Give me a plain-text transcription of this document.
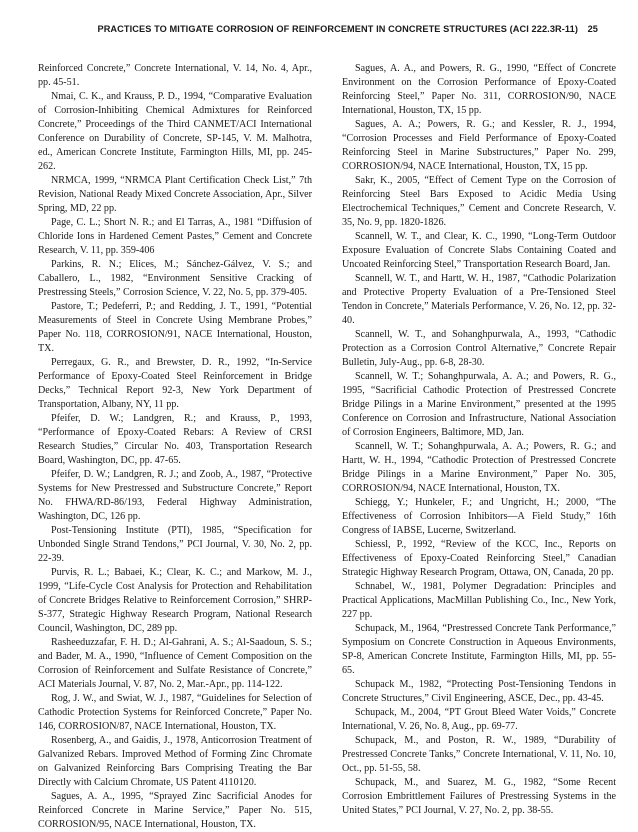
PRACTICES TO MITIGATE CORROSION OF REINFORCEMENT IN CONCRETE STRUCTURES (ACI 222.3R-11) 25

Reinforced Concrete,” Concrete International, V. 14, No. 4, Apr., pp. 45-51.

Nmai, C. K., and Krauss, P. D., 1994, “Comparative Evaluation of Corrosion-Inhibiting Chemical Admixtures for Reinforced Concrete,” Proceedings of the Third CANMET/ACI International Conference on Durability of Concrete, SP-145, V. M. Malhotra, ed., American Concrete Institute, Farmington Hills, MI, pp. 245-262.

NRMCA, 1999, “NRMCA Plant Certification Check List,” 7th Revision, National Ready Mixed Concrete Association, Apr., Silver Spring, MD, 22 pp.

Page, C. L.; Short N. R.; and El Tarras, A., 1981 “Diffusion of Chloride Ions in Hardened Cement Pastes,” Cement and Concrete Research, V. 11, pp. 359-406

Parkins, R. N.; Elices, M.; Sánchez-Gálvez, V. S.; and Caballero, L., 1982, “Environment Sensitive Cracking of Prestressing Steels,” Corrosion Science, V. 22, No. 5, pp. 379-405.

Pastore, T.; Pedeferri, P.; and Redding, J. T., 1991, “Potential Measurements of Steel in Concrete Using Membrane Probes,” Paper No. 118, CORROSION/91, NACE International, Houston, TX.

Perregaux, G. R., and Brewster, D. R., 1992, “In-Service Performance of Epoxy-Coated Steel Reinforcement in Bridge Decks,” Technical Report 92-3, New York Department of Transportation, Albany, NY, 11 pp.

Pfeifer, D. W.; Landgren, R.; and Krauss, P., 1993, “Performance of Epoxy-Coated Rebars: A Review of CRSI Research Studies,” Circular No. 403, Transportation Research Board, Washington, DC, pp. 47-65.

Pfeifer, D. W.; Landgren, R. J.; and Zoob, A., 1987, “Protective Systems for New Prestressed and Substructure Concrete,” Report No. FHWA/RD-86/193, Federal Highway Administration, Washington, DC, 126 pp.

Post-Tensioning Institute (PTI), 1985, “Specification for Unbonded Single Strand Tendons,” PCI Journal, V. 30, No. 2, pp. 22-39.

Purvis, R. L.; Babaei, K.; Clear, K. C.; and Markow, M. J., 1999, “Life-Cycle Cost Analysis for Protection and Rehabilitation of Concrete Bridges Relative to Reinforcement Corrosion,” SHRP-S-377, Strategic Highway Research Program, National Research Council, Washington, DC, 289 pp.

Rasheeduzzafar, F. H. D.; Al-Gahrani, A. S.; Al-Saadoun, S. S.; and Bader, M. A., 1990, “Influence of Cement Composition on the Corrosion of Reinforcement and Sulfate Resistance of Concrete,” ACI Materials Journal, V. 87, No. 2, Mar.-Apr., pp. 114-122.

Rog, J. W., and Swiat, W. J., 1987, “Guidelines for Selection of Cathodic Protection Systems for Reinforced Concrete,” Paper No. 146, CORROSION/87, NACE International, Houston, TX.

Rosenberg, A., and Gaidis, J., 1978, Anticorrosion Treatment of Galvanized Rebars. Improved Method of Forming Zinc Chromate on Galvanized Reinforcing Bars Comprising Treating the Bar Directly with Calcium Chromate, US Patent 4110120.

Sagues, A. A., 1995, “Sprayed Zinc Sacrificial Anodes for Reinforced Concrete in Marine Service,” Paper No. 515, CORROSION/95, NACE International, Houston, TX.

Sagues, A. A., and Powers, R. G., 1990, “Effect of Concrete Environment on the Corrosion Performance of Epoxy-Coated Reinforcing Steel,” Paper No. 311, CORROSION/90, NACE International, Houston, TX, 15 pp.

Sagues, A. A.; Powers, R. G.; and Kessler, R. J., 1994, “Corrosion Processes and Field Performance of Epoxy-Coated Reinforcing Steel in Marine Substructures,” Paper No. 299, CORROSION/94, NACE International, Houston, TX, 15 pp.

Sakr, K., 2005, “Effect of Cement Type on the Corrosion of Reinforcing Steel Bars Exposed to Acidic Media Using Electrochemical Techniques,” Cement and Concrete Research, V. 35, No. 9, pp. 1820-1826.

Scannell, W. T., and Clear, K. C., 1990, “Long-Term Outdoor Exposure Evaluation of Concrete Slabs Containing Coated and Uncoated Reinforcing Steel,” Transportation Research Board, Jan.

Scannell, W. T., and Hartt, W. H., 1987, “Cathodic Polarization and Protective Property Evaluation of a Pre-Tensioned Steel Tendon in Concrete,” Materials Performance, V. 26, No. 12, pp. 32-40.

Scannell, W. T., and Sohanghpurwala, A., 1993, “Cathodic Protection as a Corrosion Control Alternative,” Concrete Repair Bulletin, July-Aug., pp. 6-8, 28-30.

Scannell, W. T.; Sohanghpurwala, A. A.; and Powers, R. G., 1995, “Sacrificial Cathodic Protection of Prestressed Concrete Bridge Pilings in a Marine Environment,” presented at the 1995 Conference on Corrosion and Infrastructure, National Association of Corrosion Engineers, Baltimore, MD, Jan.

Scannell, W. T.; Sohanghpurwala, A. A.; Powers, R. G.; and Hartt, W. H., 1994, “Cathodic Protection of Prestressed Concrete Bridge Pilings in a Marine Environment,” Paper No. 305, CORROSION/94, NACE International, Houston, TX.

Schiegg, Y.; Hunkeler, F.; and Ungricht, H.; 2000, “The Effectiveness of Corrosion Inhibitors—A Field Study,” 16th Congress of IABSE, Lucerne, Switzerland.

Schiessl, P., 1992, “Review of the KCC, Inc., Reports on Effectiveness of Epoxy-Coated Reinforcing Steel,” Canadian Strategic Highway Research Program, Ottawa, ON, Canada, 20 pp.

Schnabel, W., 1981, Polymer Degradation: Principles and Practical Applications, MacMillan Publishing Co., Inc., New York, 227 pp.

Schupack, M., 1964, “Prestressed Concrete Tank Performance,” Symposium on Concrete Construction in Aqueous Environments, SP-8, American Concrete Institute, Farmington Hills, MI, pp. 55-65.

Schupack M., 1982, “Protecting Post-Tensioning Tendons in Concrete Structures,” Civil Engineering, ASCE, Dec., pp. 43-45.

Schupack, M., 2004, “PT Grout Bleed Water Voids,” Concrete International, V. 26, No. 8, Aug., pp. 69-77.

Schupack, M., and Poston, R. W., 1989, “Durability of Prestressed Concrete Tanks,” Concrete International, V. 11, No. 10, Oct., pp. 51-55, 58.

Schupack, M., and Suarez, M. G., 1982, “Some Recent Corrosion Embrittlement Failures of Prestressing Systems in the United States,” PCI Journal, V. 27, No. 2, pp. 38-55.
